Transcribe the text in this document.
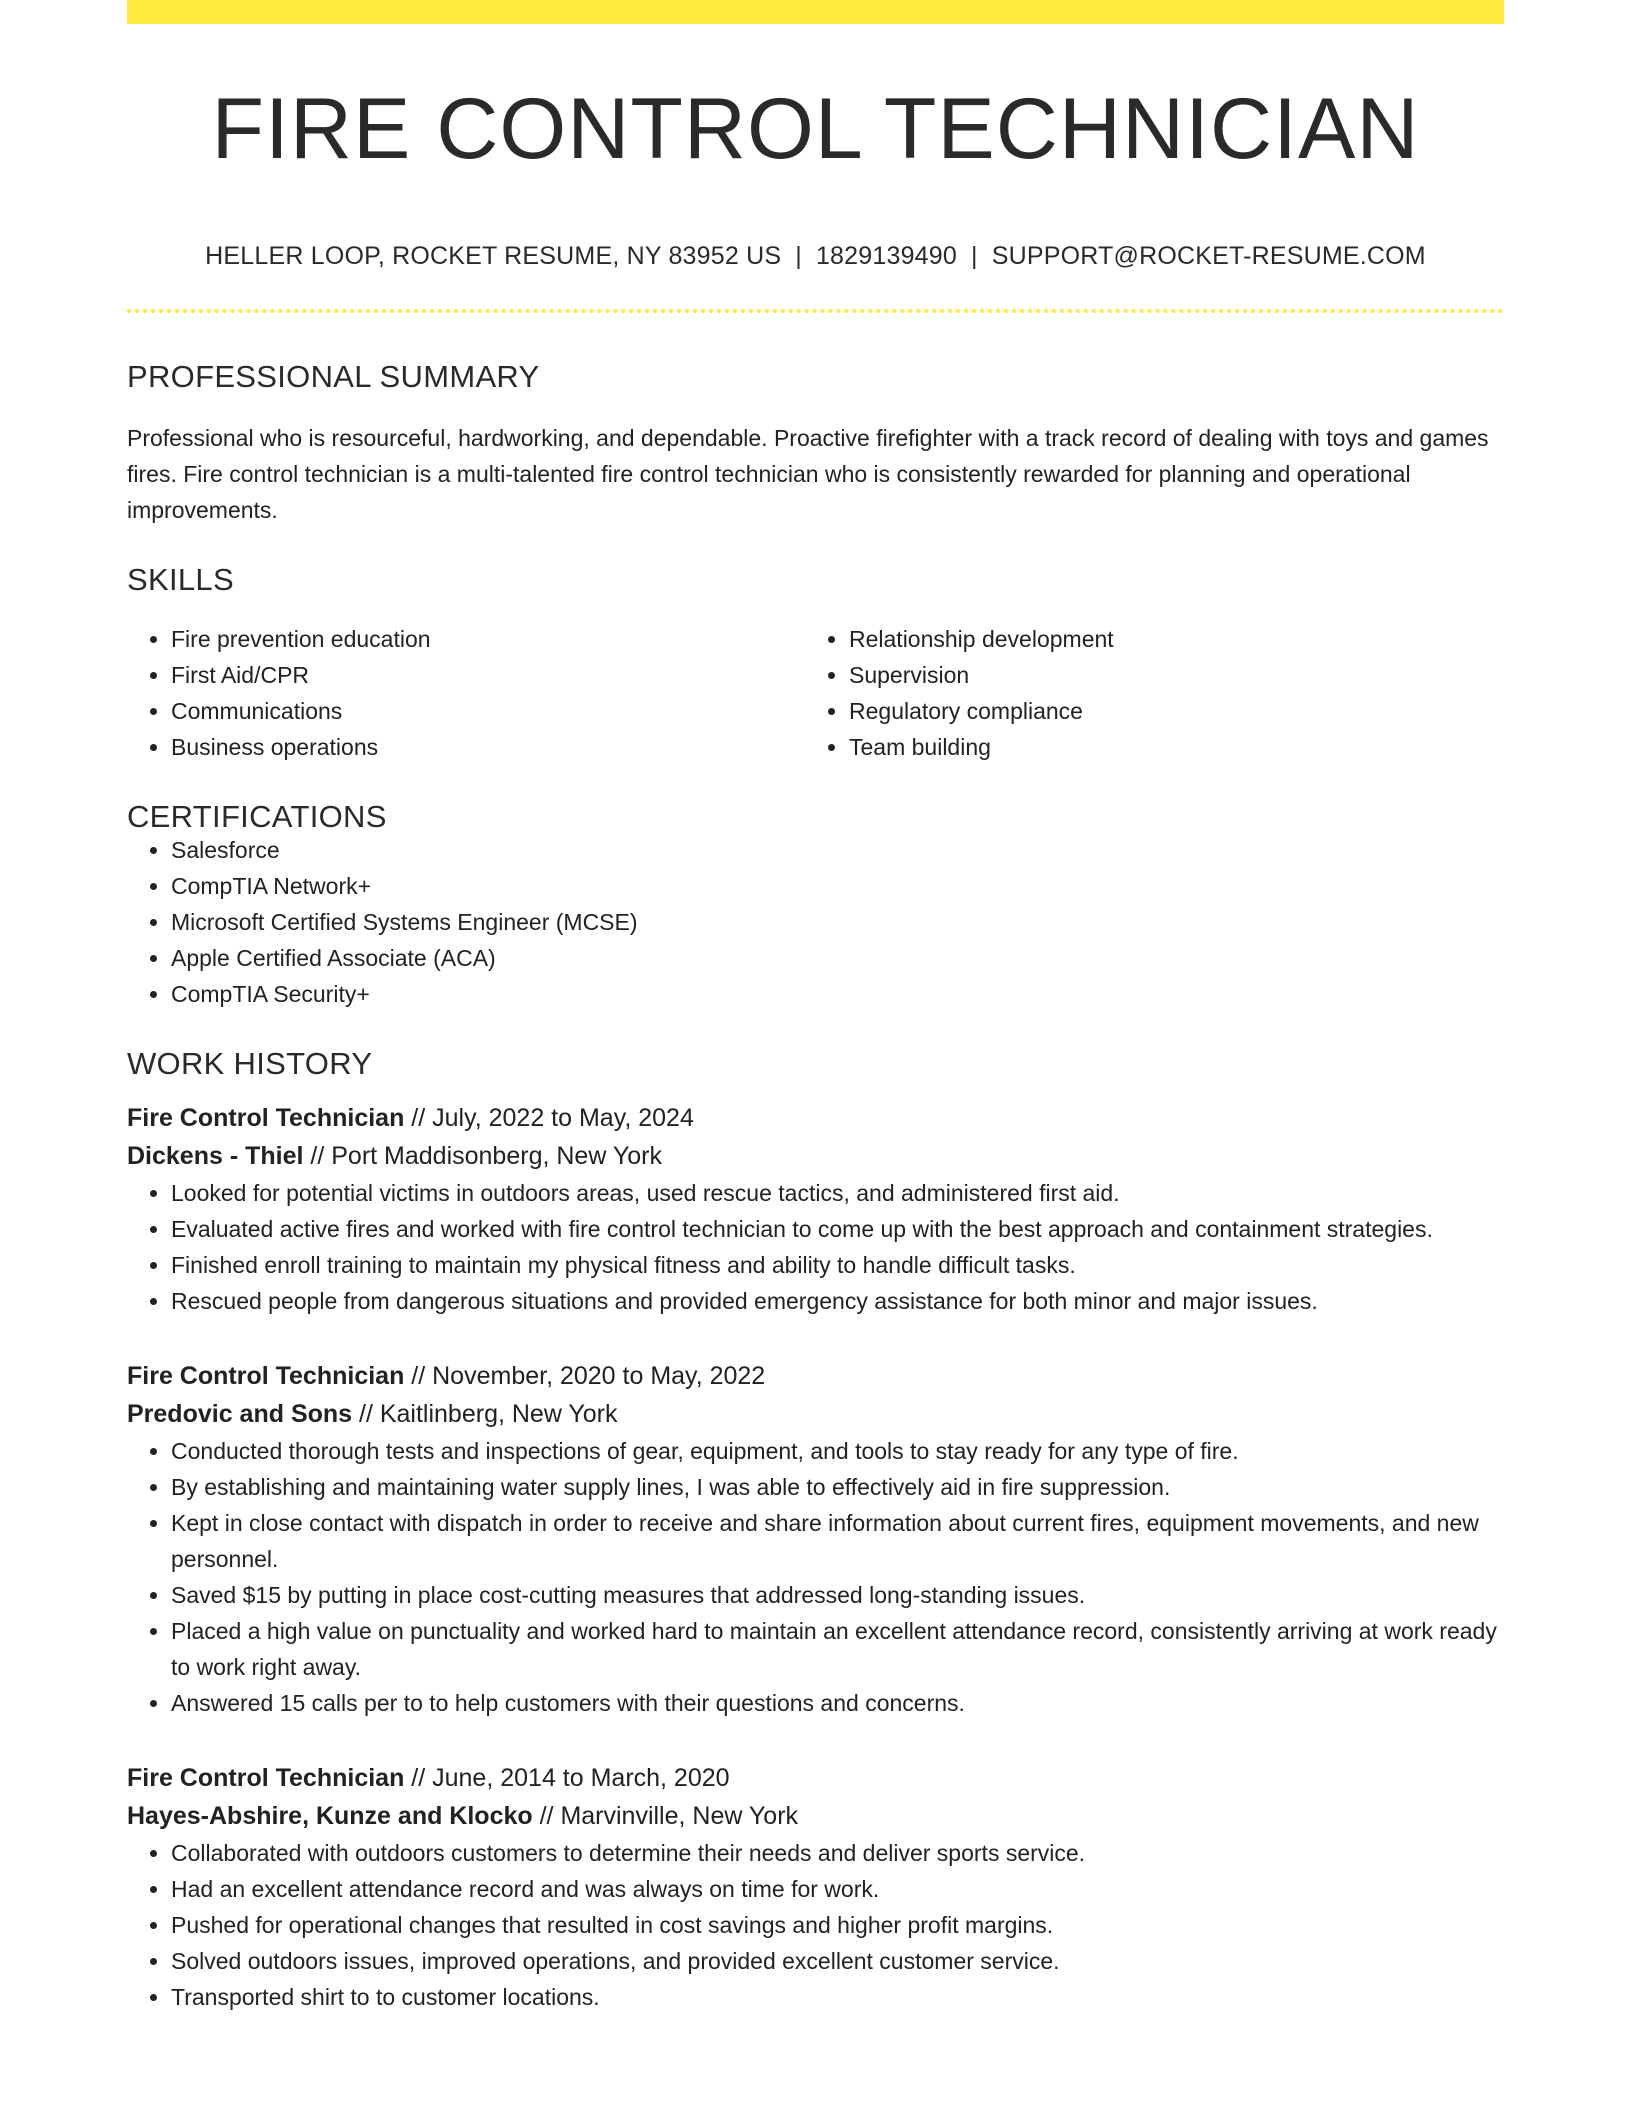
FIRE CONTROL TECHNICIAN
HELLER LOOP, ROCKET RESUME, NY 83952 US | 1829139490 | SUPPORT@ROCKET-RESUME.COM
PROFESSIONAL SUMMARY

Professional who is resourceful, hardworking, and dependable. Proactive firefighter with a track record of dealing with toys and games fires. Fire control technician is a multi-talented fire control technician who is consistently rewarded for planning and operational improvements.

SKILLS
• Fire prevention education
• First Aid/CPR
• Communications
• Business operations
• Relationship development
• Supervision
• Regulatory compliance
• Team building
CERTIFICATIONS
• Salesforce
• CompTIA Network+
• Microsoft Certified Systems Engineer (MCSE)
• Apple Certified Associate (ACA)
• CompTIA Security+
WORK HISTORY
Fire Control Technician // July, 2022 to May, 2024
Dickens - Thiel // Port Maddisonberg, New York
• Looked for potential victims in outdoors areas, used rescue tactics, and administered first aid.
• Evaluated active fires and worked with fire control technician to come up with the best approach and containment strategies.
• Finished enroll training to maintain my physical fitness and ability to handle difficult tasks.
• Rescued people from dangerous situations and provided emergency assistance for both minor and major issues.
Fire Control Technician // November, 2020 to May, 2022
Predovic and Sons // Kaitlinberg, New York
• Conducted thorough tests and inspections of gear, equipment, and tools to stay ready for any type of fire.
• By establishing and maintaining water supply lines, I was able to effectively aid in fire suppression.
• Kept in close contact with dispatch in order to receive and share information about current fires, equipment movements, and new personnel.
• Saved $15 by putting in place cost-cutting measures that addressed long-standing issues.
• Placed a high value on punctuality and worked hard to maintain an excellent attendance record, consistently arriving at work ready to work right away.
• Answered 15 calls per to to help customers with their questions and concerns.
Fire Control Technician // June, 2014 to March, 2020
Hayes-Abshire, Kunze and Klocko // Marvinville, New York
• Collaborated with outdoors customers to determine their needs and deliver sports service.
• Had an excellent attendance record and was always on time for work.
• Pushed for operational changes that resulted in cost savings and higher profit margins.
• Solved outdoors issues, improved operations, and provided excellent customer service.
• Transported shirt to to customer locations.
